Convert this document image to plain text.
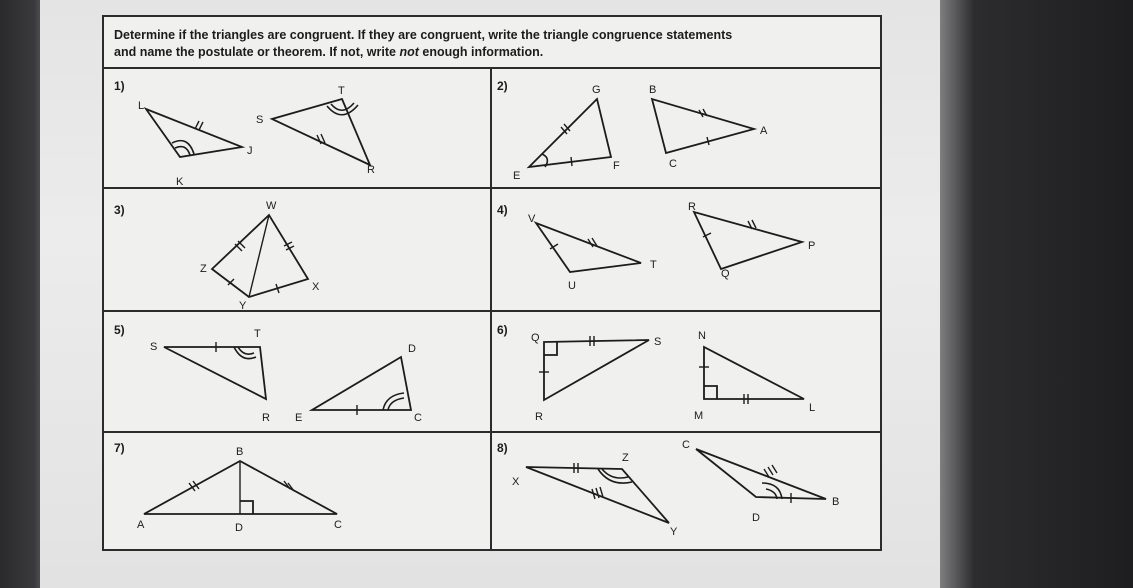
Determine if the triangles are congruent. If they are congruent, write the triangle congruence statements
and name the postulate or theorem. If not, write not enough information.
1)	2)
3)	4)
5)	6)
7)	8)
L
K
J
S
T
R
G
E
F
B
A
C
W
Z
Y
X
V
T
U
R
P
Q
S
T
R
D
E	C
Q	S
R
N
M
L
B
A	D	C
Z
X
Y
C
B
D
